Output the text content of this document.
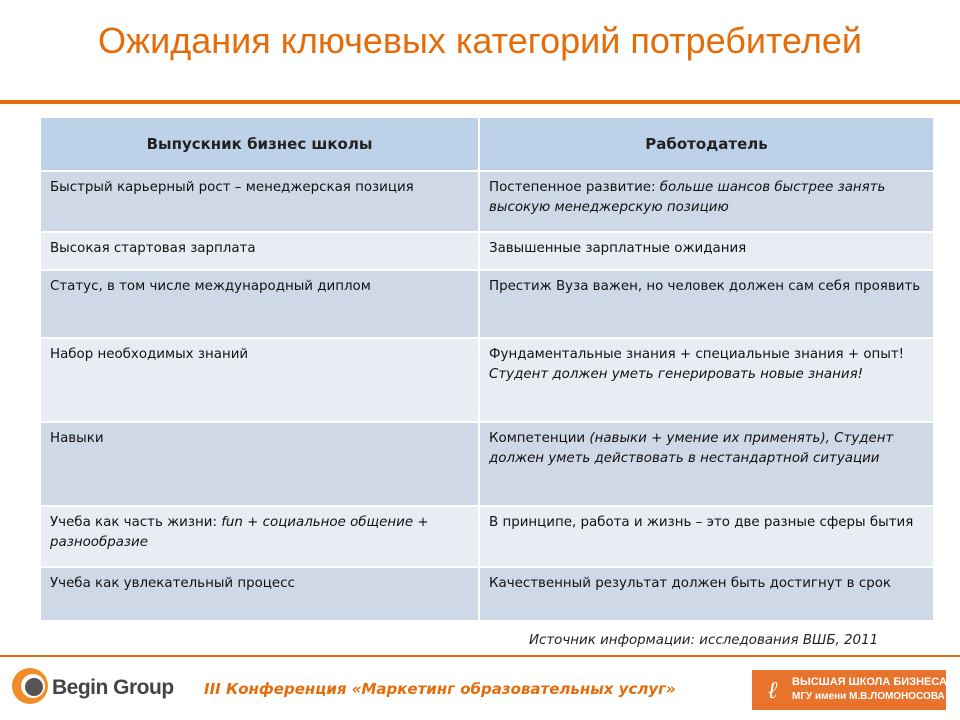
Ожидания ключевых категорий потребителей
Выпускник бизнес школы	Работодатель
Быстрый карьерный рост – менеджерская позиция	Постепенное развитие: больше шансов быстрее занять высокую менеджерскую позицию
Высокая стартовая зарплата	Завышенные зарплатные ожидания
Статус, в том числе международный диплом	Престиж Вуза важен, но человек должен сам себя проявить
Набор необходимых знаний	Фундаментальные знания + специальные знания + опыт! Студент должен уметь генерировать новые знания!
Навыки	Компетенции (навыки + умение их применять), Студент должен уметь действовать в нестандартной ситуации
Учеба как часть жизни: fun + социальное общение + разнообразие	В принципе, работа и жизнь – это две разные сферы бытия
Учеба как увлекательный процесс	Качественный результат должен быть достигнут в срок
Источник информации: исследования ВШБ, 2011
Begin Group III Конференция «Маркетинг образовательных услуг»	ℓ	ВЫСШАЯ ШКОЛА БИЗНЕСА
МГУ имени М.В.ЛОМОНОСОВА
